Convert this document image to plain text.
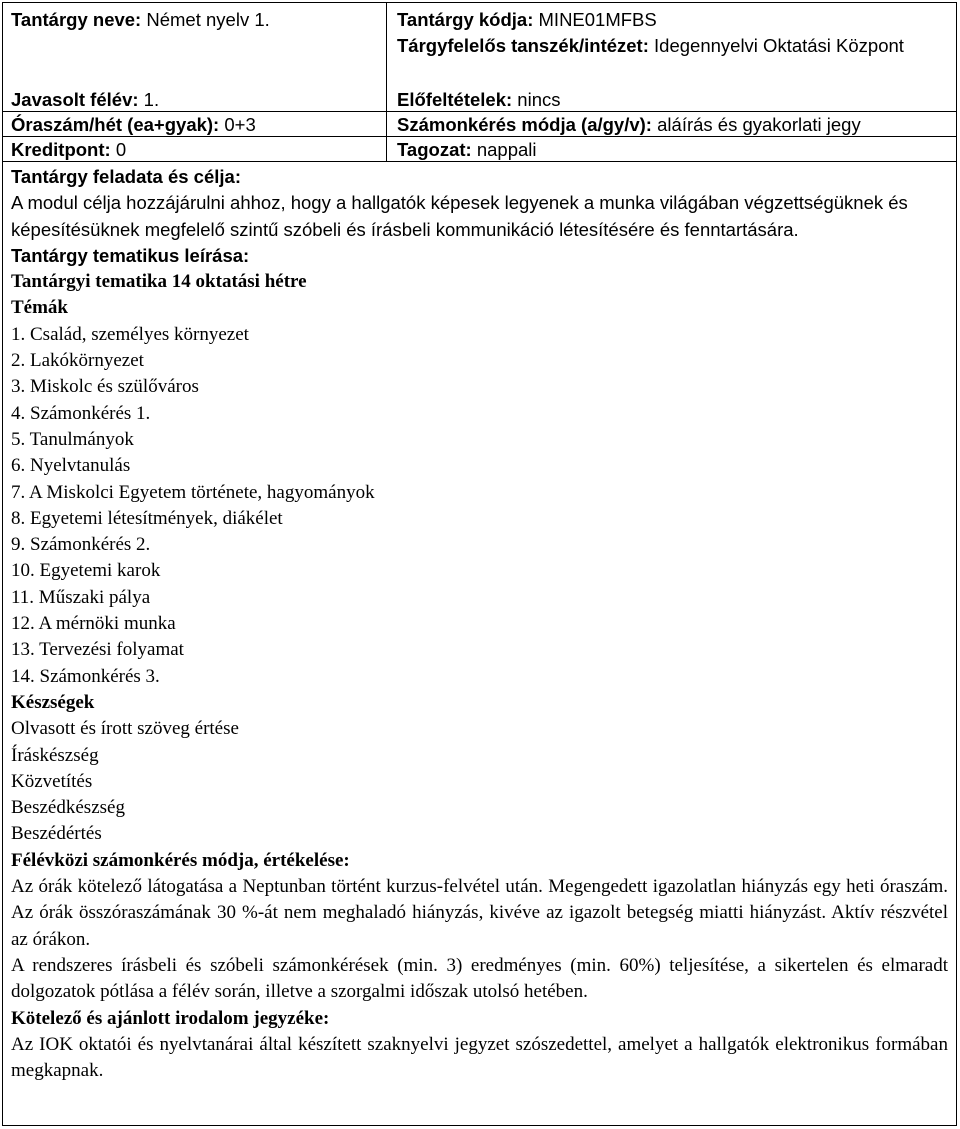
Tantárgy neve: Német nyelv 1.	Tantárgy kódja: MINE01MFBS
Tárgyfelelős tanszék/intézet: Idegennyelvi Oktatási Központ
Javasolt félév: 1.	Előfeltételek: nincs
Óraszám/hét (ea+gyak): 0+3	Számonkérés módja (a/gy/v): aláírás és gyakorlati jegy
Kreditpont: 0	Tagozat: nappali

Tantárgy feladata és célja:

A modul célja hozzájárulni ahhoz, hogy a hallgatók képesek legyenek a munka világában végzettségüknek és képesítésüknek megfelelő szintű szóbeli és írásbeli kommunikáció létesítésére és fenntartására.

Tantárgy tematikus leírása:

Tantárgyi tematika 14 oktatási hétre

Témák

1. Család, személyes környezet

2. Lakókörnyezet

3. Miskolc és szülőváros

4. Számonkérés 1.

5. Tanulmányok

6. Nyelvtanulás

7. A Miskolci Egyetem története, hagyományok

8. Egyetemi létesítmények, diákélet

9. Számonkérés 2.

10. Egyetemi karok

11. Műszaki pálya

12. A mérnöki munka

13. Tervezési folyamat

14. Számonkérés 3.

Készségek

Olvasott és írott szöveg értése

Íráskészség

Közvetítés

Beszédkészség

Beszédértés

Félévközi számonkérés módja, értékelése:

Az órák kötelező látogatása a Neptunban történt kurzus-felvétel után. Megengedett igazolatlan hiányzás egy heti óraszám. Az órák összóraszámának 30 %-át nem meghaladó hiányzás, kivéve az igazolt betegség miatti hiányzást. Aktív részvétel az órákon.

A rendszeres írásbeli és szóbeli számonkérések (min. 3) eredményes (min. 60%) teljesítése, a sikertelen és elmaradt dolgozatok pótlása a félév során, illetve a szorgalmi időszak utolsó hetében.

Kötelező és ajánlott irodalom jegyzéke:

Az IOK oktatói és nyelvtanárai által készített szaknyelvi jegyzet szószedettel, amelyet a hallgatók elektronikus formában megkapnak.
